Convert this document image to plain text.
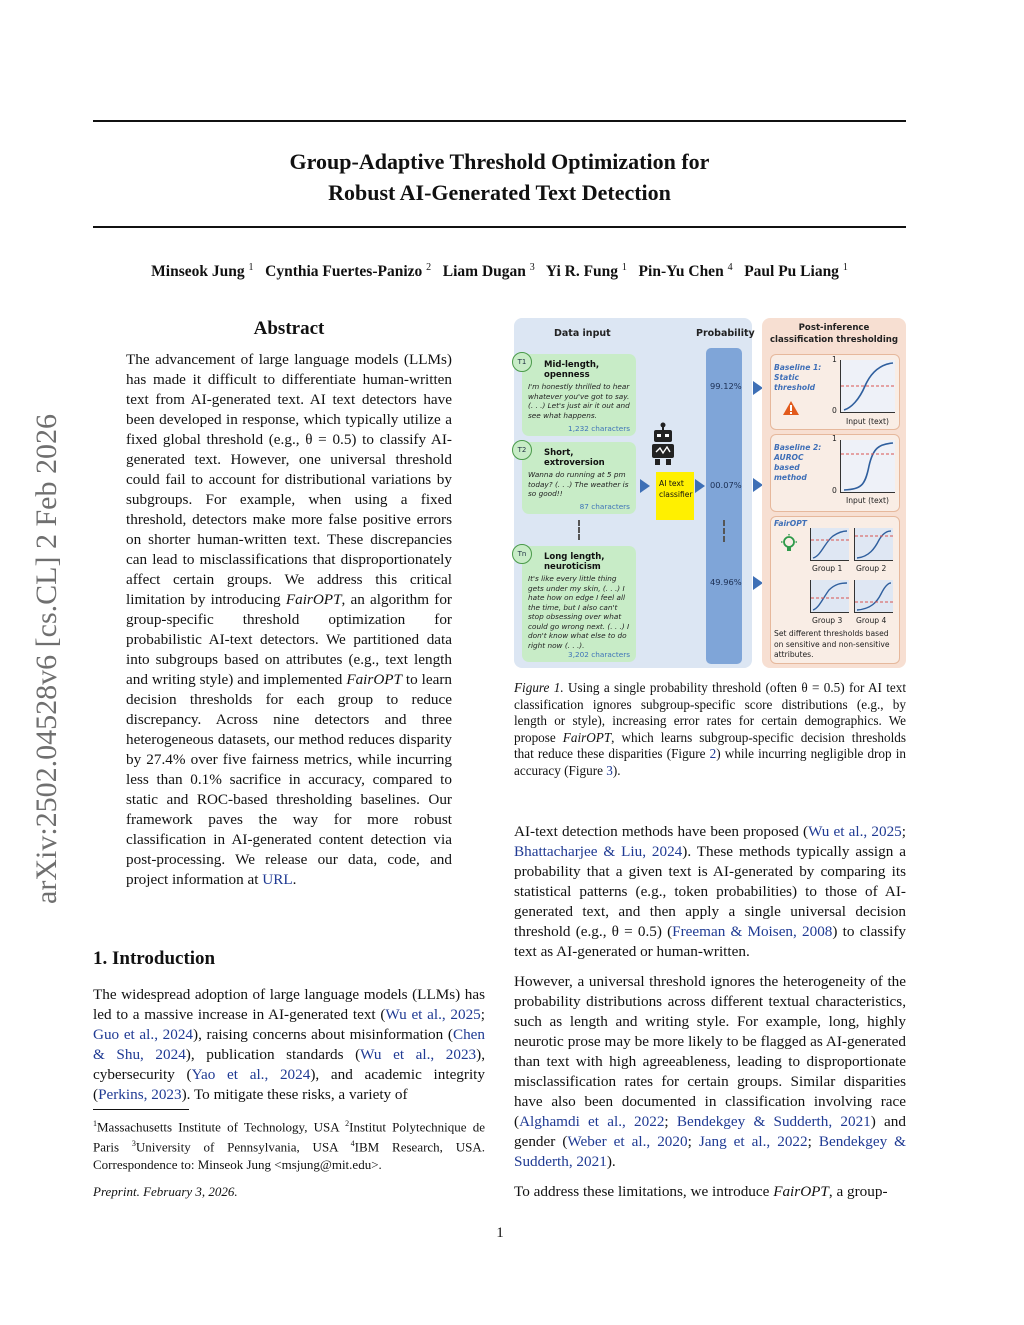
arXiv:2502.04528v6 [cs.CL] 2 Feb 2026
Group-Adaptive Threshold Optimization for
Robust AI-Generated Text Detection
Minseok Jung $^1$ Cynthia Fuertes-Panizo $^2$ Liam Dugan $^3$ Yi R. Fung $^1$ Pin-Yu Chen $^4$ Paul Pu Liang $^1$
Abstract
The advancement of large language models (LLMs) has made it difficult to differentiate human-written text from AI-generated text. AI text detectors have been developed in response, which typically utilize a fixed global threshold (e.g., θ = 0.5) to classify AI-generated text. However, one universal threshold could fail to account for distributional variations by subgroups. For example, when using a fixed threshold, detectors make more false positive errors on shorter human-written text. These discrepancies can lead to misclassifications that disproportionately affect certain groups. We address this critical limitation by introducing FairOPT, an algorithm for group-specific threshold optimization for probabilistic AI-text detectors. We partitioned data into subgroups based on attributes (e.g., text length and writing style) and implemented FairOPT to learn decision thresholds for each group to reduce discrepancy. Across nine detectors and three heterogeneous datasets, our method reduces disparity by 27.4% over five fairness metrics, while incurring less than 0.1% sacrifice in accuracy, compared to static and ROC-based thresholding baselines. Our framework paves the way for more robust classification in AI-generated content detection via post-processing. We release our data, code, and project information at URL.
1. Introduction
The widespread adoption of large language models (LLMs) has led to a massive increase in AI-generated text (Wu et al., 2025; Guo et al., 2024), raising concerns about misinformation (Chen & Shu, 2024), publication standards (Wu et al., 2023), cybersecurity (Yao et al., 2024), and academic integrity (Perkins, 2023). To mitigate these risks, a variety of
$^1$Massachusetts Institute of Technology, USA $^2$Institut Polytechnique de Paris $^3$University of Pennsylvania, USA $^4$IBM Research, USA. Correspondence to: Minseok Jung <msjung@mit.edu>.
Preprint. February 3, 2026.
Data input	Probability
Mid-length, openness
I'm honestly thrilled to hear whatever you've got to say. (. . .) Let's just air it out and see what happens.
1,232 characters
T1
Short, extroversion
Wanna do running at 5 pm today? (. . .) The weather is so good!!
87 characters
T2
Long length, neuroticism
It's like every little thing gets under my skin, (. . .) I hate how on edge I feel all the time, but I also can't stop obsessing over what could go wrong next. (. . .) I don't know what else to do right now (. . .).
3,202 characters
Tn
AI text classifier
99.12%
00.07%
49.96%
Post-inference classification thresholding
Baseline 1: Static threshold
1
0
Input (text)
Baseline 2: AUROC based method
1
0
Input (text)
FairOPT
Group 1 Group 2
Group 3 Group 4
Set different thresholds based on sensitive and non-sensitive attributes.
Figure 1. Using a single probability threshold (often θ = 0.5) for AI text classification ignores subgroup-specific score distributions (e.g., by length or style), increasing error rates for certain demographics. We propose FairOPT, which learns subgroup-specific decision thresholds that reduce these disparities (Figure 2) while incurring negligible drop in accuracy (Figure 3).
AI-text detection methods have been proposed (Wu et al., 2025; Bhattacharjee & Liu, 2024). These methods typically assign a probability that a given text is AI-generated by comparing its statistical patterns (e.g., token probabilities) to those of AI-generated text, and then apply a single universal decision threshold (e.g., θ = 0.5) (Freeman & Moisen, 2008) to classify text as AI-generated or human-written.
However, a universal threshold ignores the heterogeneity of the probability distributions across different textual characteristics, such as length and writing style. For example, long, highly neurotic prose may be more likely to be flagged as AI-generated than text with high agreeableness, leading to disproportionate misclassification rates for certain groups. Similar disparities have also been documented in classification involving race (Alghamdi et al., 2022; Bendekgey & Sudderth, 2021) and gender (Weber et al., 2020; Jang et al., 2022; Bendekgey & Sudderth, 2021).
To address these limitations, we introduce FairOPT, a group-
1
